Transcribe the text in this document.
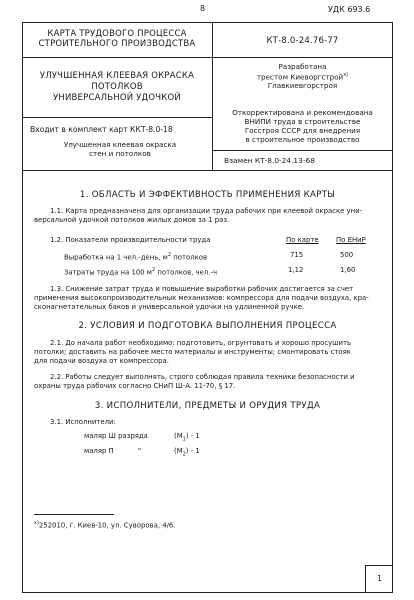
8	УДК 693.6
КАРТА ТРУДОВОГО ПРОЦЕССА
СТРОИТЕЛЬНОГО ПРОИЗВОДСТВА	КТ-8.0-24.76-77
УЛУЧШЕННАЯ КЛЕЕВАЯ ОКРАСКА
ПОТОЛКОВ
УНИВЕРСАЛЬНОЙ УДОЧКОЙ
Разработана
трестом Киеворгстрой$^{x)}$
Главкиевгорстроя
Откорректирована и рекомендована
ВНИПИ труда в строительстве
Госстроя СССР для внедрения
в строительное производство
Входит в комплект карт ККТ-8.0-18
Улучшенная клеевая окраска
стен и потолков
Взамен КТ-8.0-24.13-68
1. ОБЛАСТЬ И ЭФФЕКТИВНОСТЬ ПРИМЕНЕНИЯ КАРТЫ
1.1. Карта предназначена для организации труда рабочих при клеевой окраске уни-
версальной удочкой потолков жилых домов за 1 раз.
1.2. Показатели производительности труда	По карте	По ЕНиР
Выработка на 1 чел.-день, $м^2$ потолков	715	500
Затраты труда на 100 $м^2$ потолков, чел.-ч	1,12	1,60
1.3. Снижение затрат труда и повышение выработки рабочих достигается за счет
применения высокопроизводительных механизмов: компрессора для подачи воздуха, кра-
сконагнетательных баков и универсальной удочки на удлиненной ручке.
2. УСЛОВИЯ И ПОДГОТОВКА ВЫПОЛНЕНИЯ ПРОЦЕССА
2.1. До начала работ необходимо: подготовить, огрунтовать и хорошо просушить
потолки; доставить на рабочее место материалы и инструменты; смонтировать стояк
для подачи воздуха от компрессора.
2.2. Работы следует выполнять, строго соблюдая правила техники безопасности и
охраны труда рабочих согласно СНиП Ш-А. 11-70, § 17.
3. ИСПОЛНИТЕЛИ, ПРЕДМЕТЫ И ОРУДИЯ ТРУДА
3.1. Исполнители:
маляр Ш разряда	$(M_1) - 1$
маляр П	"	$(M_2) - 1$
$^{x)}$252010, г. Киев-10, ул. Суворова, 4/6.
1
